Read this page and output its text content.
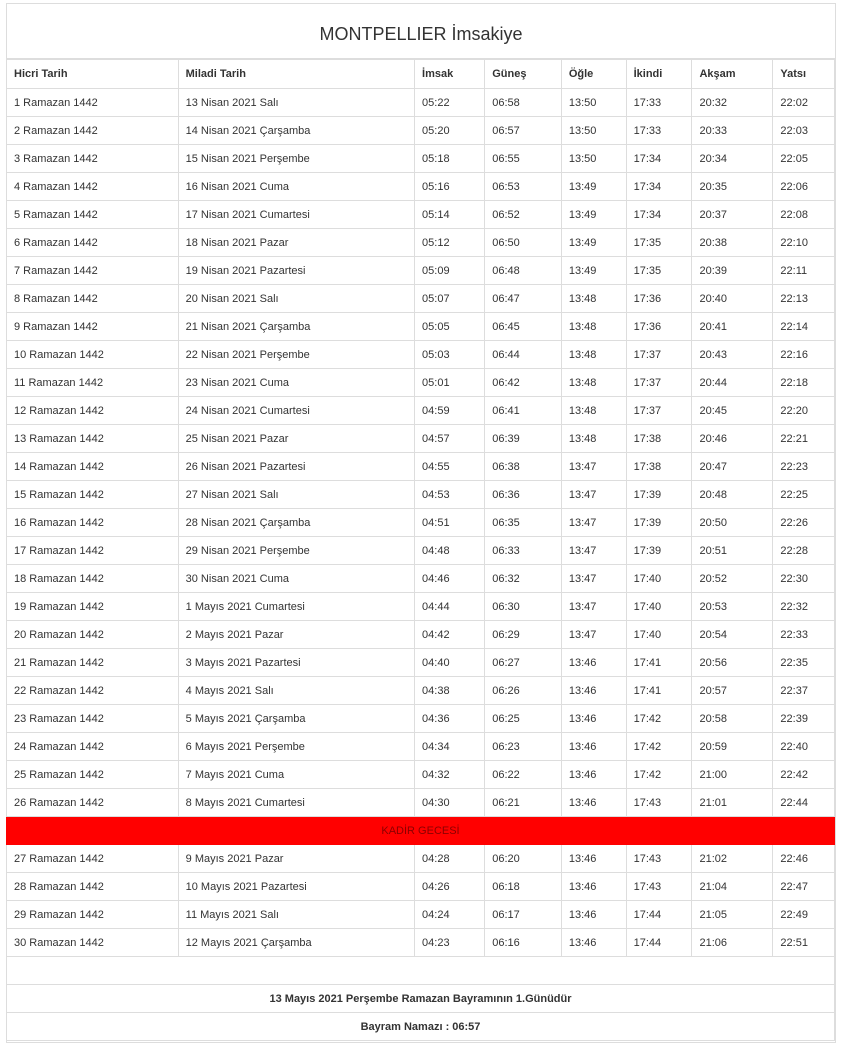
MONTPELLIER İmsakiye
Hicri Tarih	Miladi Tarih	İmsak	Güneş	Öğle	İkindi	Akşam	Yatsı
1 Ramazan 1442	13 Nisan 2021 Salı	05:22	06:58	13:50	17:33	20:32	22:02
2 Ramazan 1442	14 Nisan 2021 Çarşamba	05:20	06:57	13:50	17:33	20:33	22:03
3 Ramazan 1442	15 Nisan 2021 Perşembe	05:18	06:55	13:50	17:34	20:34	22:05
4 Ramazan 1442	16 Nisan 2021 Cuma	05:16	06:53	13:49	17:34	20:35	22:06
5 Ramazan 1442	17 Nisan 2021 Cumartesi	05:14	06:52	13:49	17:34	20:37	22:08
6 Ramazan 1442	18 Nisan 2021 Pazar	05:12	06:50	13:49	17:35	20:38	22:10
7 Ramazan 1442	19 Nisan 2021 Pazartesi	05:09	06:48	13:49	17:35	20:39	22:11
8 Ramazan 1442	20 Nisan 2021 Salı	05:07	06:47	13:48	17:36	20:40	22:13
9 Ramazan 1442	21 Nisan 2021 Çarşamba	05:05	06:45	13:48	17:36	20:41	22:14
10 Ramazan 1442	22 Nisan 2021 Perşembe	05:03	06:44	13:48	17:37	20:43	22:16
11 Ramazan 1442	23 Nisan 2021 Cuma	05:01	06:42	13:48	17:37	20:44	22:18
12 Ramazan 1442	24 Nisan 2021 Cumartesi	04:59	06:41	13:48	17:37	20:45	22:20
13 Ramazan 1442	25 Nisan 2021 Pazar	04:57	06:39	13:48	17:38	20:46	22:21
14 Ramazan 1442	26 Nisan 2021 Pazartesi	04:55	06:38	13:47	17:38	20:47	22:23
15 Ramazan 1442	27 Nisan 2021 Salı	04:53	06:36	13:47	17:39	20:48	22:25
16 Ramazan 1442	28 Nisan 2021 Çarşamba	04:51	06:35	13:47	17:39	20:50	22:26
17 Ramazan 1442	29 Nisan 2021 Perşembe	04:48	06:33	13:47	17:39	20:51	22:28
18 Ramazan 1442	30 Nisan 2021 Cuma	04:46	06:32	13:47	17:40	20:52	22:30
19 Ramazan 1442	1 Mayıs 2021 Cumartesi	04:44	06:30	13:47	17:40	20:53	22:32
20 Ramazan 1442	2 Mayıs 2021 Pazar	04:42	06:29	13:47	17:40	20:54	22:33
21 Ramazan 1442	3 Mayıs 2021 Pazartesi	04:40	06:27	13:46	17:41	20:56	22:35
22 Ramazan 1442	4 Mayıs 2021 Salı	04:38	06:26	13:46	17:41	20:57	22:37
23 Ramazan 1442	5 Mayıs 2021 Çarşamba	04:36	06:25	13:46	17:42	20:58	22:39
24 Ramazan 1442	6 Mayıs 2021 Perşembe	04:34	06:23	13:46	17:42	20:59	22:40
25 Ramazan 1442	7 Mayıs 2021 Cuma	04:32	06:22	13:46	17:42	21:00	22:42
26 Ramazan 1442	8 Mayıs 2021 Cumartesi	04:30	06:21	13:46	17:43	21:01	22:44
KADİR GECESİ							
27 Ramazan 1442	9 Mayıs 2021 Pazar	04:28	06:20	13:46	17:43	21:02	22:46
28 Ramazan 1442	10 Mayıs 2021 Pazartesi	04:26	06:18	13:46	17:43	21:04	22:47
29 Ramazan 1442	11 Mayıs 2021 Salı	04:24	06:17	13:46	17:44	21:05	22:49
30 Ramazan 1442	12 Mayıs 2021 Çarşamba	04:23	06:16	13:46	17:44	21:06	22:51

13 Mayıs 2021 Perşembe Ramazan Bayramının 1.Günüdür							
Bayram Namazı : 06:57							
